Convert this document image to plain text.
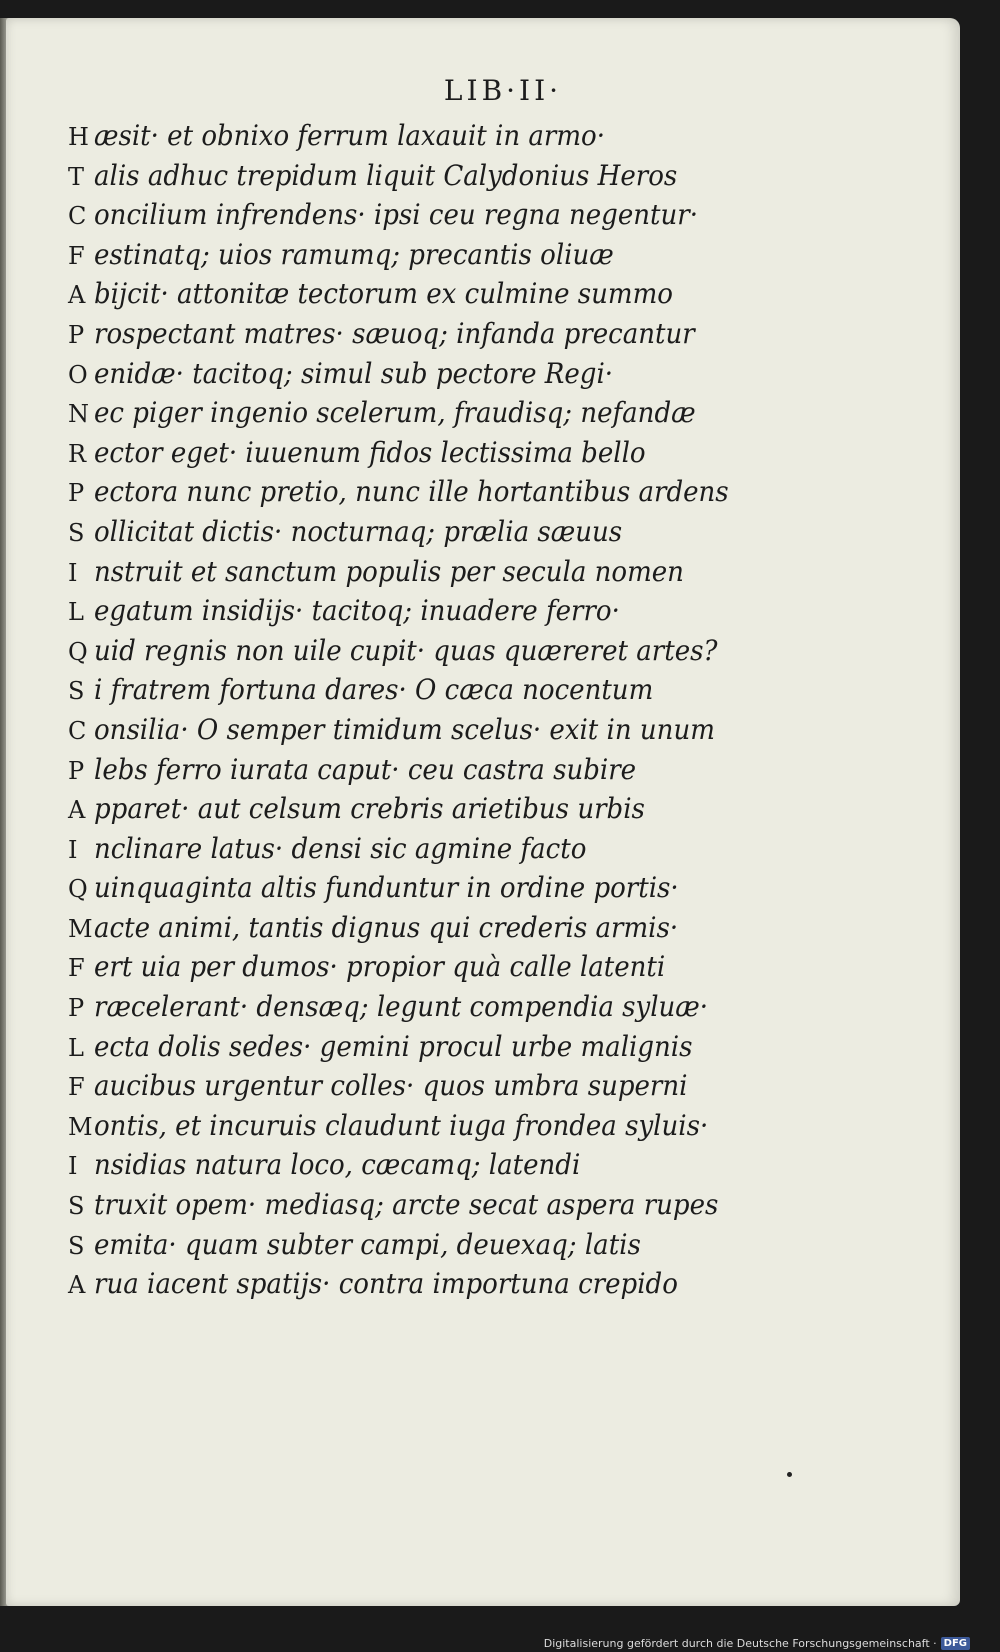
LIB·II·
H æsit· et obnixo ferrum laxauit in armo·
T alis adhuc trepidum liquit Calydonius Heros
C oncilium infrendens· ipsi ceu regna negentur·
F estinatq; uios ramumq; precantis oliuæ
A bijcit· attonitæ tectorum ex culmine summo
P rospectant matres· sæuoq; infanda precantur
O enidæ· tacitoq; simul sub pectore Regi·
N ec piger ingenio scelerum, fraudisq; nefandæ
R ector eget· iuuenum fidos lectissima bello
P ectora nunc pretio, nunc ille hortantibus ardens
S ollicitat dictis· nocturnaq; prælia sæuus
I nstruit et sanctum populis per secula nomen
L egatum insidijs· tacitoq; inuadere ferro·
Q uid regnis non uile cupit· quas quæreret artes?
S i fratrem fortuna dares· O cæca nocentum
C onsilia· O semper timidum scelus· exit in unum
P lebs ferro iurata caput· ceu castra subire
A pparet· aut celsum crebris arietibus urbis
I nclinare latus· densi sic agmine facto
Q uinquaginta altis funduntur in ordine portis·
Macte animi, tantis dignus qui crederis armis·
F ert uia per dumos· propior quà calle latenti
P ræcelerant· densæq; legunt compendia syluæ·
L ecta dolis sedes· gemini procul urbe malignis
F aucibus urgentur colles· quos umbra superni
Montis, et incuruis claudunt iuga frondea syluis·
I nsidias natura loco, cæcamq; latendi
S truxit opem· mediasq; arcte secat aspera rupes
S emita· quam subter campi, deuexaq; latis
A rua iacent spatijs· contra importuna crepido
Digitalisierung gefördert durch die Deutsche Forschungsgemeinschaft · DFG
